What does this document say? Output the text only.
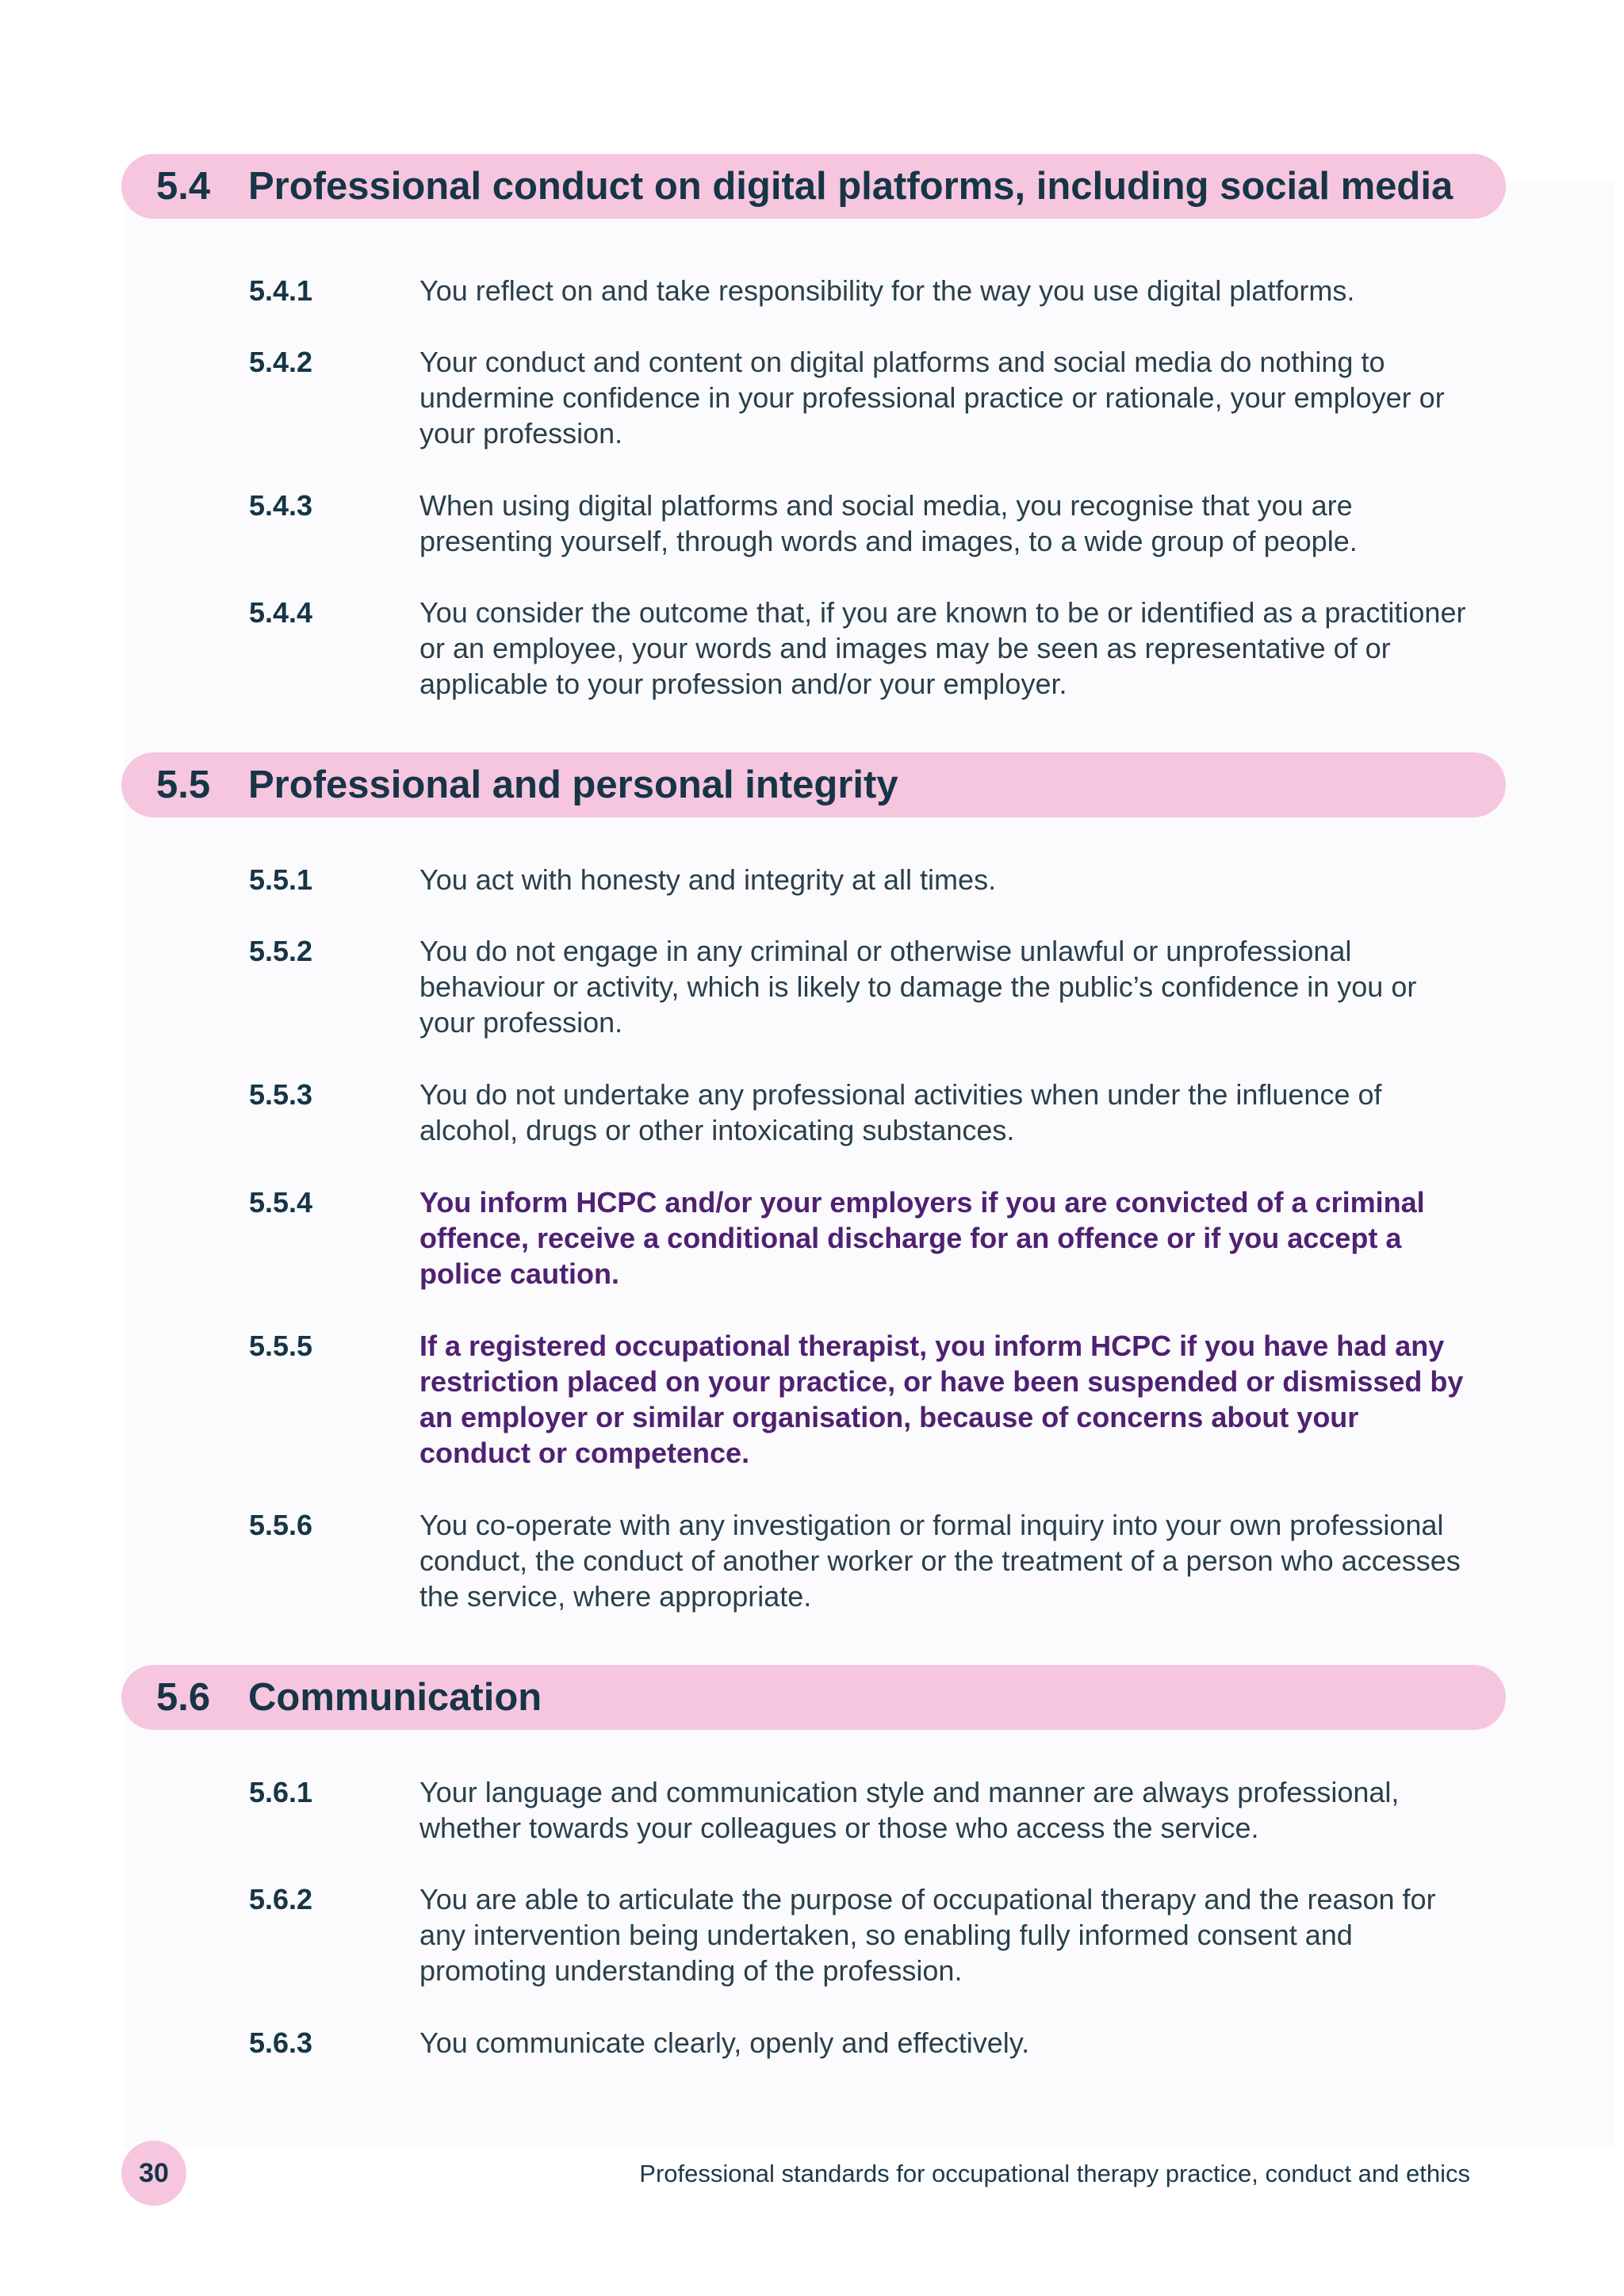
5.4 Professional conduct on digital platforms, including social media
5.4.1	You reflect on and take responsibility for the way you use digital platforms.
5.4.2	Your conduct and content on digital platforms and social media do nothing to undermine confidence in your professional practice or rationale, your employer or your profession.
5.4.3	When using digital platforms and social media, you recognise that you are presenting yourself, through words and images, to a wide group of people.
5.4.4	You consider the outcome that, if you are known to be or identified as a practitioner or an employee, your words and images may be seen as representative of or applicable to your profession and/or your employer.
5.5 Professional and personal integrity
5.5.1	You act with honesty and integrity at all times.
5.5.2	You do not engage in any criminal or otherwise unlawful or unprofessional behaviour or activity, which is likely to damage the public’s confidence in you or your profession.
5.5.3	You do not undertake any professional activities when under the influence of alcohol, drugs or other intoxicating substances.
5.5.4	You inform HCPC and/or your employers if you are convicted of a criminal offence, receive a conditional discharge for an offence or if you accept a police caution.
5.5.5	If a registered occupational therapist, you inform HCPC if you have had any restriction placed on your practice, or have been suspended or dismissed by an employer or similar organisation, because of concerns about your conduct or competence.
5.5.6	You co-operate with any investigation or formal inquiry into your own professional conduct, the conduct of another worker or the treatment of a person who accesses the service, where appropriate.
5.6 Communication
5.6.1	Your language and communication style and manner are always professional, whether towards your colleagues or those who access the service.
5.6.2	You are able to articulate the purpose of occupational therapy and the reason for any intervention being undertaken, so enabling fully informed consent and promoting understanding of the profession.
5.6.3	You communicate clearly, openly and effectively.
30	Professional standards for occupational therapy practice, conduct and ethics
